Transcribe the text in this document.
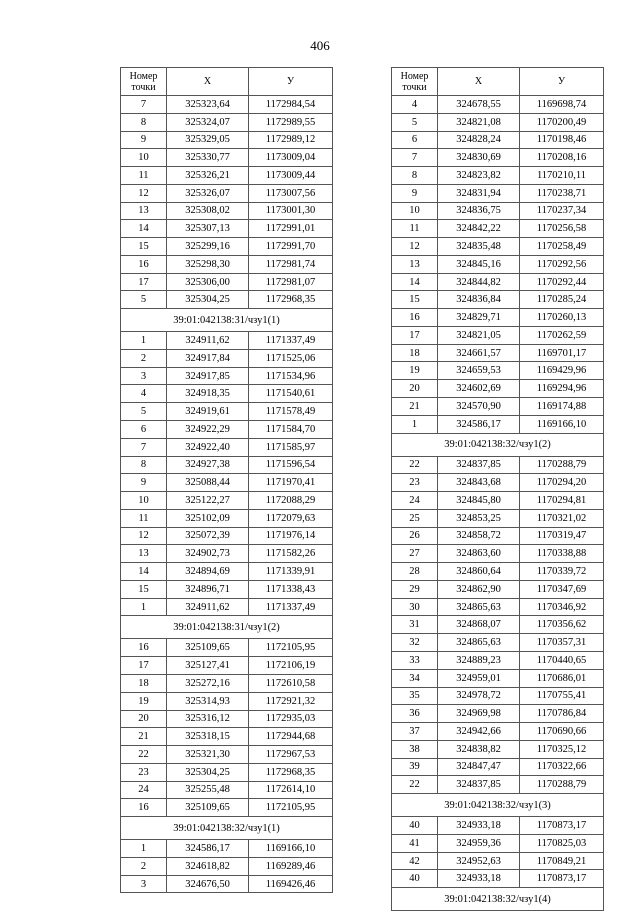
406
Номер
точки	Х	У
7	325323,64	1172984,54
8	325324,07	1172989,55
9	325329,05	1172989,12
10	325330,77	1173009,04
11	325326,21	1173009,44
12	325326,07	1173007,56
13	325308,02	1173001,30
14	325307,13	1172991,01
15	325299,16	1172991,70
16	325298,30	1172981,74
17	325306,00	1172981,07
5	325304,25	1172968,35
39:01:042138:31/чзу1(1)		
1	324911,62	1171337,49
2	324917,84	1171525,06
3	324917,85	1171534,96
4	324918,35	1171540,61
5	324919,61	1171578,49
6	324922,29	1171584,70
7	324922,40	1171585,97
8	324927,38	1171596,54
9	325088,44	1171970,41
10	325122,27	1172088,29
11	325102,09	1172079,63
12	325072,39	1171976,14
13	324902,73	1171582,26
14	324894,69	1171339,91
15	324896,71	1171338,43
1	324911,62	1171337,49
39:01:042138:31/чзу1(2)		
16	325109,65	1172105,95
17	325127,41	1172106,19
18	325272,16	1172610,58
19	325314,93	1172921,32
20	325316,12	1172935,03
21	325318,15	1172944,68
22	325321,30	1172967,53
23	325304,25	1172968,35
24	325255,48	1172614,10
16	325109,65	1172105,95
39:01:042138:32/чзу1(1)		
1	324586,17	1169166,10
2	324618,82	1169289,46
3	324676,50	1169426,46
Номер
точки	Х	У
4	324678,55	1169698,74
5	324821,08	1170200,49
6	324828,24	1170198,46
7	324830,69	1170208,16
8	324823,82	1170210,11
9	324831,94	1170238,71
10	324836,75	1170237,34
11	324842,22	1170256,58
12	324835,48	1170258,49
13	324845,16	1170292,56
14	324844,82	1170292,44
15	324836,84	1170285,24
16	324829,71	1170260,13
17	324821,05	1170262,59
18	324661,57	1169701,17
19	324659,53	1169429,96
20	324602,69	1169294,96
21	324570,90	1169174,88
1	324586,17	1169166,10
39:01:042138:32/чзу1(2)		
22	324837,85	1170288,79
23	324843,68	1170294,20
24	324845,80	1170294,81
25	324853,25	1170321,02
26	324858,72	1170319,47
27	324863,60	1170338,88
28	324860,64	1170339,72
29	324862,90	1170347,69
30	324865,63	1170346,92
31	324868,07	1170356,62
32	324865,63	1170357,31
33	324889,23	1170440,65
34	324959,01	1170686,01
35	324978,72	1170755,41
36	324969,98	1170786,84
37	324942,66	1170690,66
38	324838,82	1170325,12
39	324847,47	1170322,66
22	324837,85	1170288,79
39:01:042138:32/чзу1(3)		
40	324933,18	1170873,17
41	324959,36	1170825,03
42	324952,63	1170849,21
40	324933,18	1170873,17
39:01:042138:32/чзу1(4)		
